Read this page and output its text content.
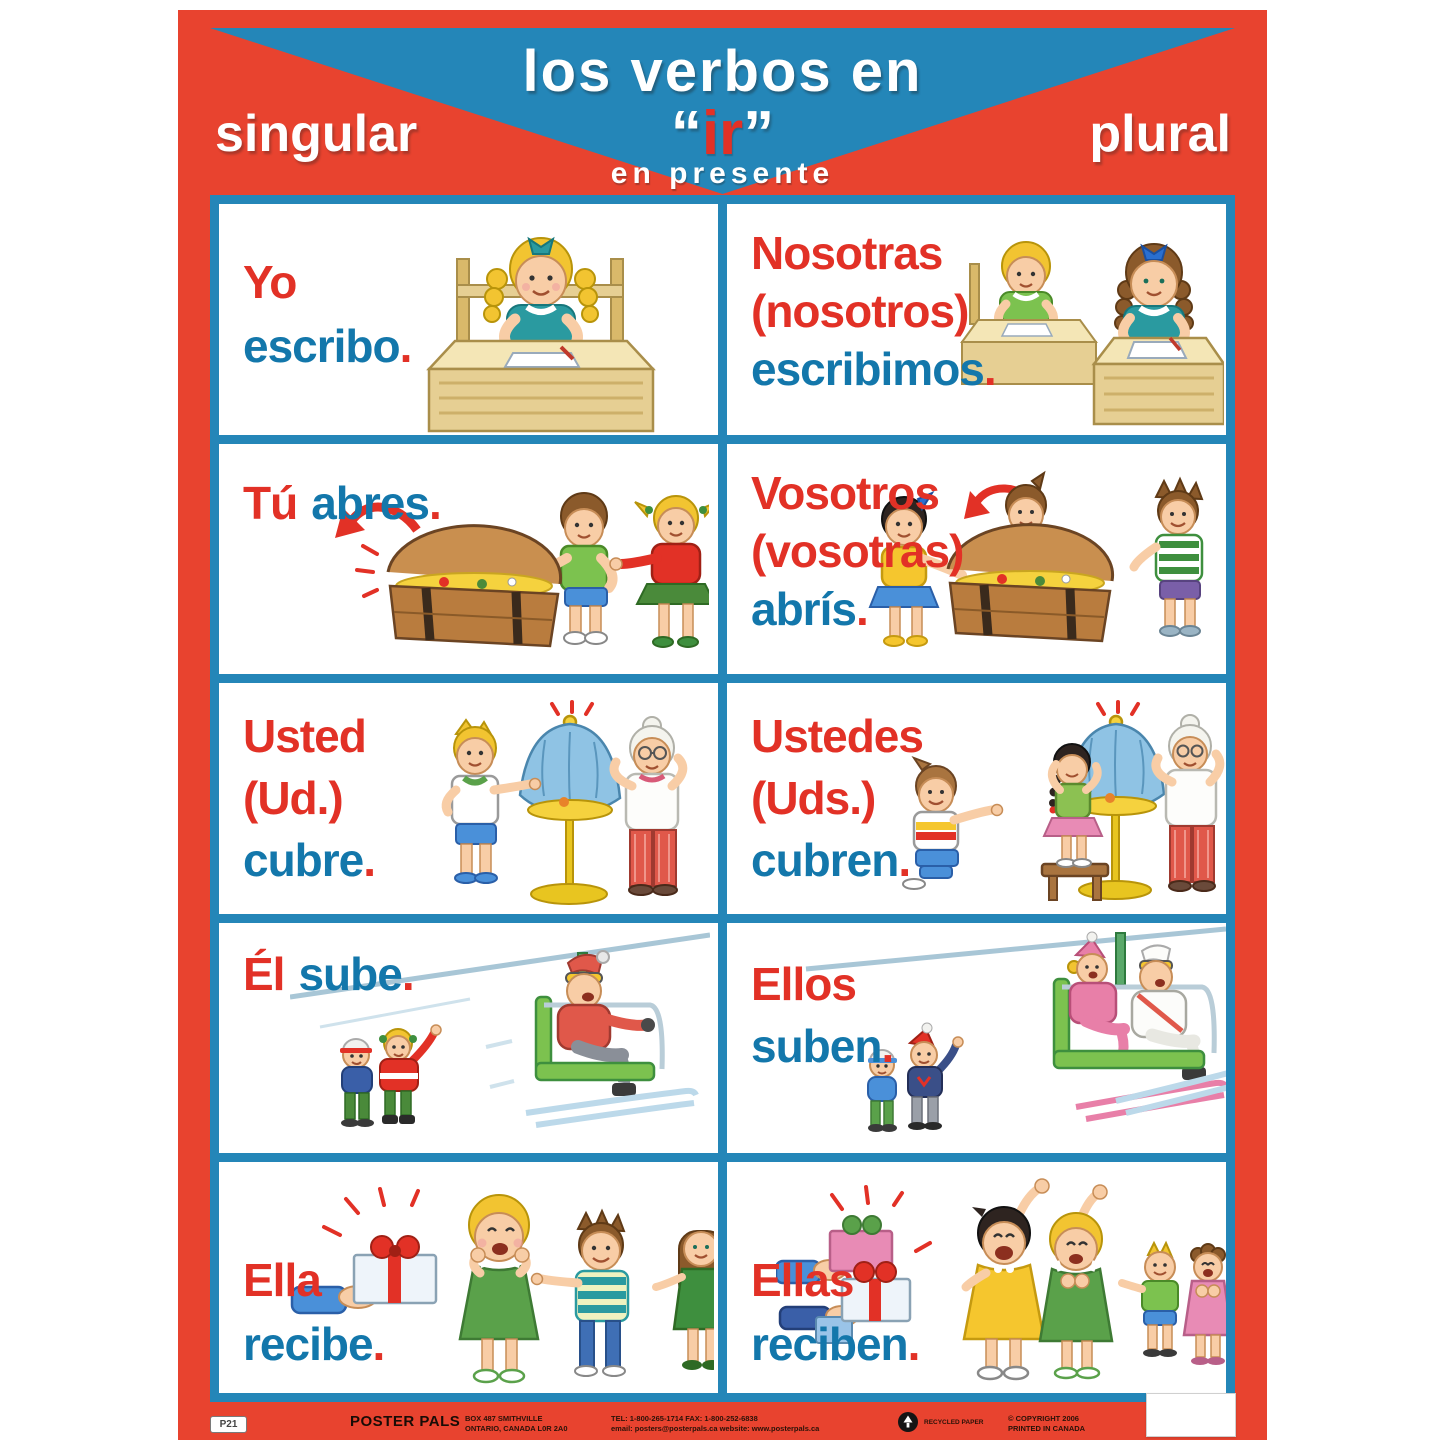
los verbos en
“ir”
en presente
singular	plural
Yo
escribo.
Nosotras
(nosotros)
escribimos.
Tú abres.	Vosotros
(vosotras)
abrís.
Usted
(Ud.)
cubre.
Ustedes
(Uds.)
cubren.
Él sube.	Ellos
suben.
Ella
recibe.
Ellas
reciben.
P21	POSTER PALS BOX 487 SMITHVILLE
ONTARIO, CANADA L0R 2A0
TEL: 1-800-265-1714 FAX: 1-800-252-6838
email: posters@posterpals.ca website: www.posterpals.ca
RECYCLED PAPER	© COPYRIGHT 2006
PRINTED IN CANADA
